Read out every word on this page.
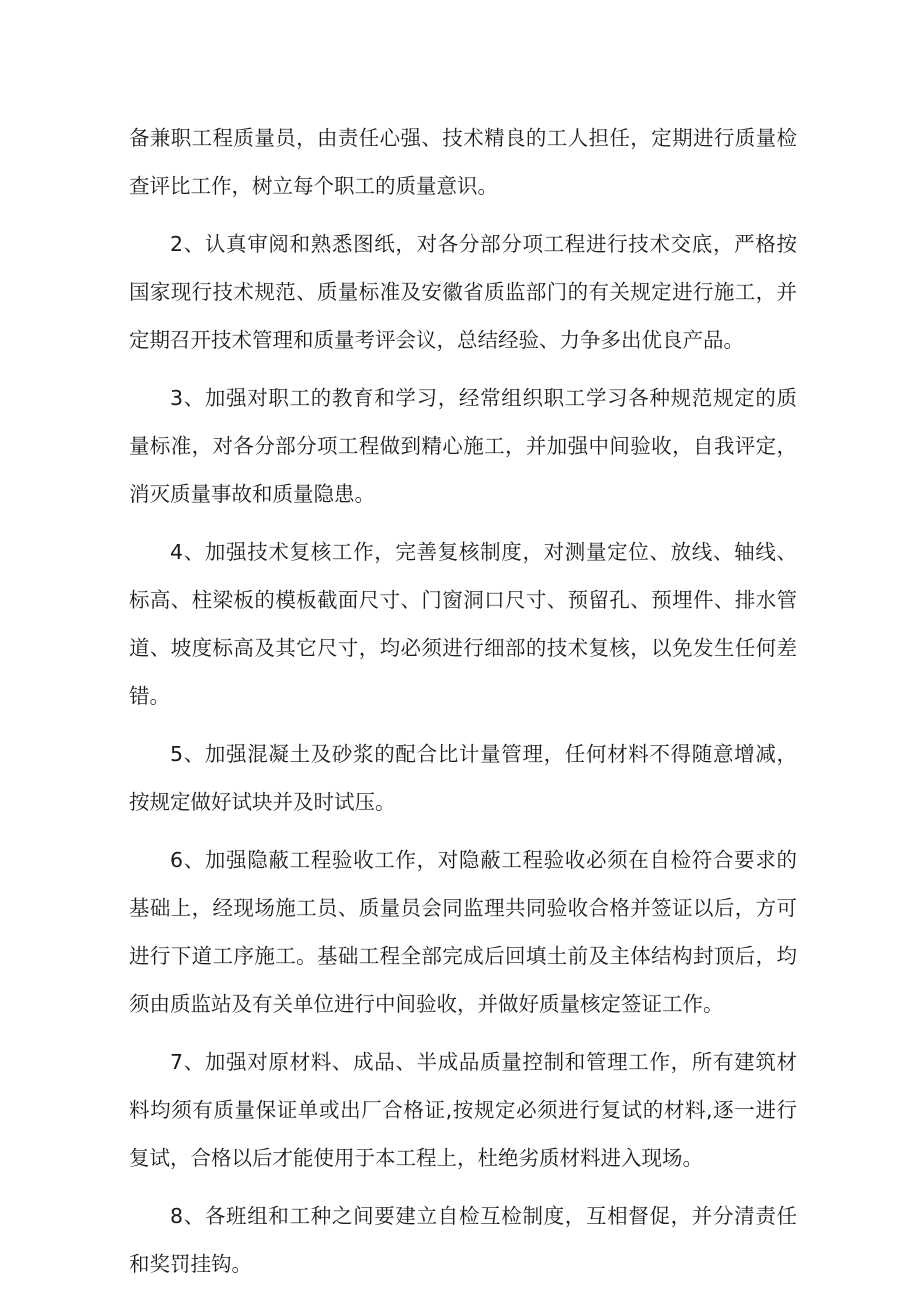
备兼职工程质量员，由责任心强、技术精良的工人担任，定期进行质量检查评比工作，树立每个职工的质量意识。

2、认真审阅和熟悉图纸，对各分部分项工程进行技术交底，严格按国家现行技术规范、质量标准及安徽省质监部门的有关规定进行施工，并定期召开技术管理和质量考评会议，总结经验、力争多出优良产品。

3、加强对职工的教育和学习，经常组织职工学习各种规范规定的质量标准，对各分部分项工程做到精心施工，并加强中间验收，自我评定，消灭质量事故和质量隐患。

4、加强技术复核工作，完善复核制度，对测量定位、放线、轴线、标高、柱梁板的模板截面尺寸、门窗洞口尺寸、预留孔、预埋件、排水管道、坡度标高及其它尺寸，均必须进行细部的技术复核，以免发生任何差错。

5、加强混凝土及砂浆的配合比计量管理，任何材料不得随意增减，按规定做好试块并及时试压。

6、加强隐蔽工程验收工作，对隐蔽工程验收必须在自检符合要求的基础上，经现场施工员、质量员会同监理共同验收合格并签证以后，方可进行下道工序施工。基础工程全部完成后回填土前及主体结构封顶后，均须由质监站及有关单位进行中间验收，并做好质量核定签证工作。

7、加强对原材料、成品、半成品质量控制和管理工作，所有建筑材料均须有质量保证单或出厂合格证,按规定必须进行复试的材料,逐一进行复试，合格以后才能使用于本工程上，杜绝劣质材料进入现场。

8、各班组和工种之间要建立自检互检制度，互相督促，并分清责任和奖罚挂钩。
